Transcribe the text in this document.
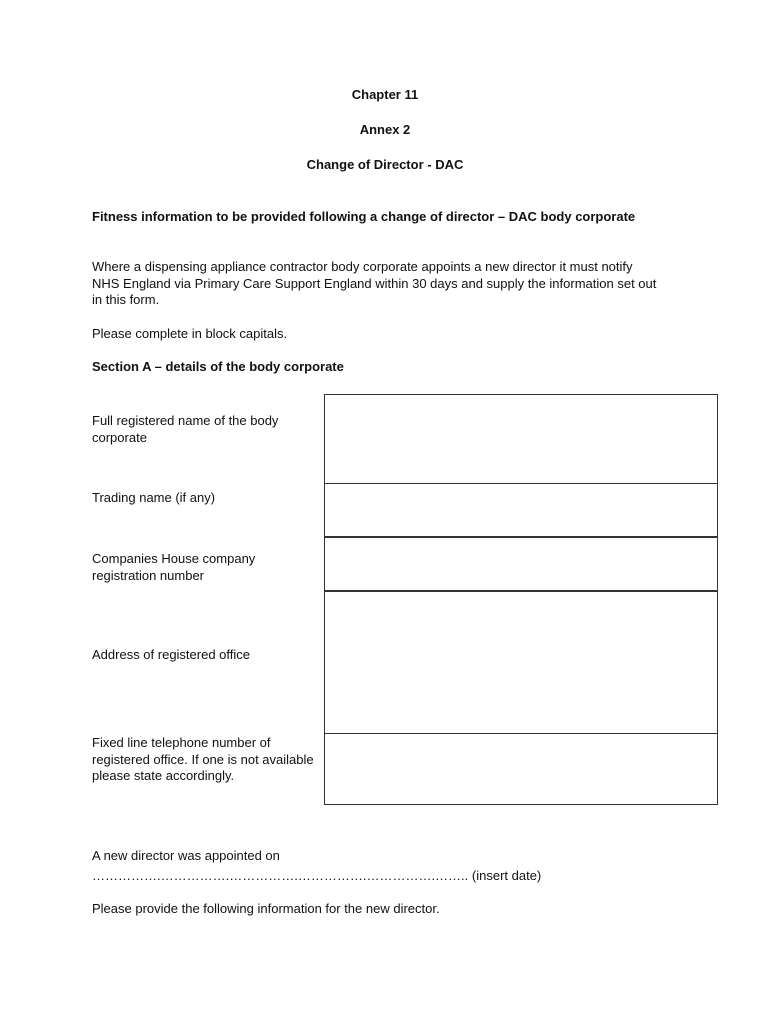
Chapter 11
Annex 2
Change of Director - DAC
Fitness information to be provided following a change of director – DAC body corporate
Where a dispensing appliance contractor body corporate appoints a new director it must notify NHS England via Primary Care Support England within 30 days and supply the information set out in this form.
Please complete in block capitals.
Section A – details of the body corporate
Full registered name of the body corporate
Trading name (if any)
Companies House company registration number
Address of registered office
Fixed line telephone number of registered office. If one is not available please state accordingly.
A new director was appointed on
…………….…………….…………….…………….…………….…….. (insert date)
Please provide the following information for the new director.
